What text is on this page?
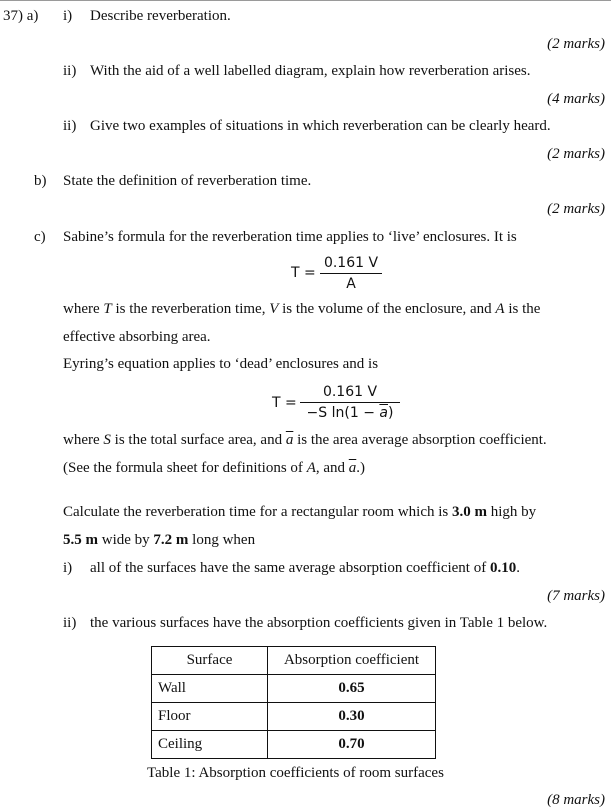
37) a) i) Describe reverberation.
(2 marks)
ii) With the aid of a well labelled diagram, explain how reverberation arises.
(4 marks)
ii) Give two examples of situations in which reverberation can be clearly heard.
(2 marks)
b) State the definition of reverberation time.
(2 marks)
c) Sabine’s formula for the reverberation time applies to ‘live’ enclosures. It is
$T = \frac{0.161 V}{A}$
where T is the reverberation time, V is the volume of the enclosure, and A is the
effective absorbing area.
Eyring’s equation applies to ‘dead’ enclosures and is
$T = \frac{0.161 V}{-S \ln(1 - \overline{a})}$
where S is the total surface area, and $\overline{a}$ is the area average absorption coefficient.
(See the formula sheet for definitions of A, and $\overline{a}$.)
Calculate the reverberation time for a rectangular room which is 3.0 m high by
5.5 m wide by 7.2 m long when
i) all of the surfaces have the same average absorption coefficient of 0.10.
(7 marks)
ii) the various surfaces have the absorption coefficients given in Table 1 below.
Surface	Absorption coefficient
Wall	0.65
Floor	0.30
Ceiling	0.70
Table 1: Absorption coefficients of room surfaces
(8 marks)
